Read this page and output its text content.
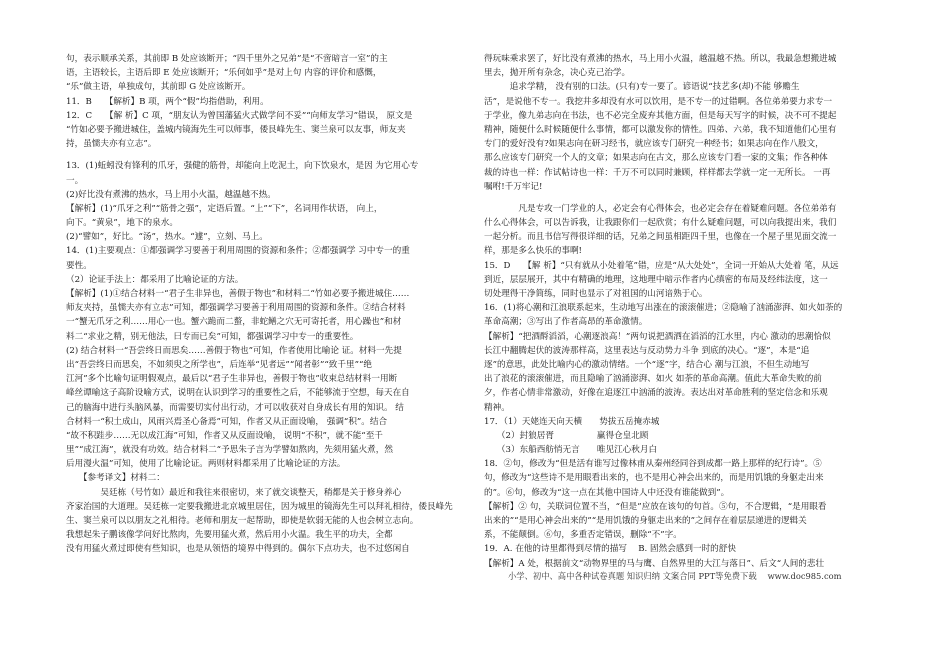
句，表示顺承关系，其前即 B 处应该断开；“四千里外之兄弟”是“不啻暗言一室”的主
语，主语较长，主语后即 E 处应该断开；“乐何如乎”是对上句 内容的评价和感慨，
“乐”做主语，单独成句，其前即 G 处应该断开。
11．B　　【解析】B 项，两个“假”均指借助，利用。
12．C　　【解 析】C 项，“朋友认为曾国藩猛火式做学问不妥”“向师友学习”错误， 原文是
“竹如必要予搬进城住，盖城内镜海先生可以师事，倭艮峰先生、窦兰泉可以友事，师友夹
持，虽懦夫亦有立志”。
13．(1)蚯蚓没有锋利的爪牙，强健的筋骨，却能向上吃泥土，向下饮泉水，是因 为它用心专
一。
(2)好比没有煮沸的热水，马上用小火温，越温越不热。
【解析】(1)“爪牙之利”“筋骨之强”，定语后置。“上”“下”，名词用作状语， 向上，
向下。“黄泉”，地下的泉水。
(2)“譬如”，好比。“汤”，热水。“遽”，立刻、马上。
14．(1)主要观点：①都强调学习要善于利用周围的资源和条件；②都强调学 习中专一的重
要性。
（2）论证手法上：都采用了比喻论证的方法。
【解析】(1)①结合材料一“君子生非异也，善假于物也”和材料二“竹如必要予搬进城住……
师友夹持，虽懦夫亦有立志”可知，都强调学习要善于利用周围的资源和条件。②结合材料
一“蟹无爪牙之利……用心一也。蟹六跪而二螯，非蛇鳝之穴无可寄托者，用心躁也”和材
料二“求业之精，别无他法，曰专而已矣”可知，都强调学习中专一的重要性。
(2) 结合材料一“吾尝终日而思矣……善假于物也”可知，作者使用比喻论 证。材料一先提
出“吾尝终日而思矣，不如须臾之所学也”，后连举“见者远”“闻者彰”“致千里”“绝
江河”多个比喻句证明假观点，最后以“君子生非异也，善假于物也”收束总结材料一用断
峰丝谭喻这子高阶设喻方式，说明在认识到学习的重要性之后，不能够流于空想，每天在自
己的脑海中进行头脑风暴，而需要切实付出行动，才可以收获对自身成长有用的知识。 结
合材料一“积土成山，风雨兴焉圣心备焉”可知，作者又从正面设喻， 强调“积”。结合
“故不积跬步……无以成江海”可知，作者又从反面设喻， 说明“不积”，就不能“至千
里”“成江海”，就没有功效。结合材料二“予思朱子言为学譬如熬肉，先须用猛火煮，然
后用漫火温”可知，使用了比喻论证。两则材料都采用了比喻论证的方法。
　　【参考译文】材料二：
　　　　吴廷栋（号竹如）最近和我往来很密切，来了就交谈整天，稍都是关于修身养心
齐家治国的大道理。吴廷栋一定要我搬进北京城里居住，因为城里的镜海先生可以拜礼相待，倭艮峰先
生、窦兰泉可以以朋友之礼相待。老师和朋友一起帮助，即使是软弱无能的人也会树立志向。
我想起朱子鹏该像学问好比熬肉，先要用猛火煮，然后用小火温。我生平的功夫，全都
没有用猛火煮过即使有些知识，也是从领悟的境界中得到的。偶尔下点功夫，也不过悠闲自
得玩味乘求罢了，好比没有煮沸的热水，马上用小火温，越温越不热。所以，我最急想搬进城
里去，抛开所有杂念，决心克己治学。
　　　追求学精， 没有别的口法。(只有)专一要了。谚语说“技艺多(却)不能 够赡生
活”，是说他不专一。我挖井多却没有水可以饮用，是不专一的过错啊。各位弟弟要力求专一
于学业，像九弟志向在书法，也不必完全废弃其他方面，但是每天写字的时候，决不可不提起
精神，随便什么时候随便什么事情，都可以激发你的情性。四弟、六弟，我不知道他们心里有
专门的爱好没有?如果志向在研习经书，就应该专门研究一种经书；如果志向在作八股文，
那么应该专门研究一个人的文章；如果志向在古文，那么应该专门看一家的文集；作各种体
裁的诗也一样：作试帖诗也一样：千万不可以同时兼顾，样样都去学就一定一无所长。 一再
嘱咐!千万牢记!
　　　　凡是专攻一门学业的人，必定会有心得体会，也必定会存在着疑难问题。各位弟弟有
什么心得体会，可以告诉我，让我跟你们一起欣赏；有什么疑难问题，可以向我提出来，我们
一起分析。而且书信写得很详细的话，兄弟之间虽相距四千里，也像在一个屋子里见面交流一
样，那是多么快乐的事啊!
15．D　　【解 析】“只有就从小处着笔”错，应是“从大处处”，全词一开始从大处着 笔，从远
到近，层层展开，其中有精确的地理，这地理中暗示作者内心缜密的布局及经纬法度，这一
切处理得干净简练，同时也显示了对祖国的山河谙熟于心。
16．(1)将心潮和江浪联系起来，生动地写出涨在的滚滚催进；②隐喻了汹涌澎湃、如火如荼的
革命高潮；③写出了作者高昂的革命激情。
【解析】“把酒酹滔滔，心潮逐浪高！”两句说把酒洒在滔滔的江水里，内心 激动的思潮恰似
长江中翻腾起伏的波涛那样高，这里表达与反动势力斗争 到底的决心。“逐”，本是“追
逐”的意思，此处比喻内心的激动情绪。一个“逐”字，结合心 潮与江浪，不但生动地写
出了浪花的滚滚催进，而且隐喻了汹涌澎湃、如火 如荼的革命高潮。值此大革命失败的前
夕，作者心情非常激动，好像在追逐江中汹涌的波涛。表达出对革命胜利的坚定信念和乐观
精神。
17．（1）天姥连天向天横　　势拔五岳掩赤城
　　（2）封狼居胥　　　　　赢得仓皇北顾
　　（3）东船西舫悄无言　　唯见江心秋月白
18．②句，修改为“但是活有谁写过像林甫从秦州经同谷到成都一路上那样的纪行诗”。⑤
句，修改为“这些诗不是用眼看出来的，也不是用心神会出来的，而是用饥饿的身躯走出来
的”。⑥句，修改为“这一点在其他中国诗人中还没有谁能做到”。
【解析】② 句，关联词位置不当，“但是”应放在该句的句首。⑤句，不合逻辑，“是用眼看
出来的”“是用心神会出来的”“是用饥饿的身躯走出来的”之间存在着层层递进的逻辑关
系，不能颠倒。⑥句，多重否定错误，删除“不”字。
19．A. 在他的诗里都得到尽情的描写　 B. 固然会感到一时的舒快
【解析】A 处，根据前文“动物界里的马与鹰、自然界里的大江与落日”、后文“人间的悲壮
小学、初中、高中各种试卷真题 知识归纳 文案合同 PPT等免费下载　 www.doc985.com
